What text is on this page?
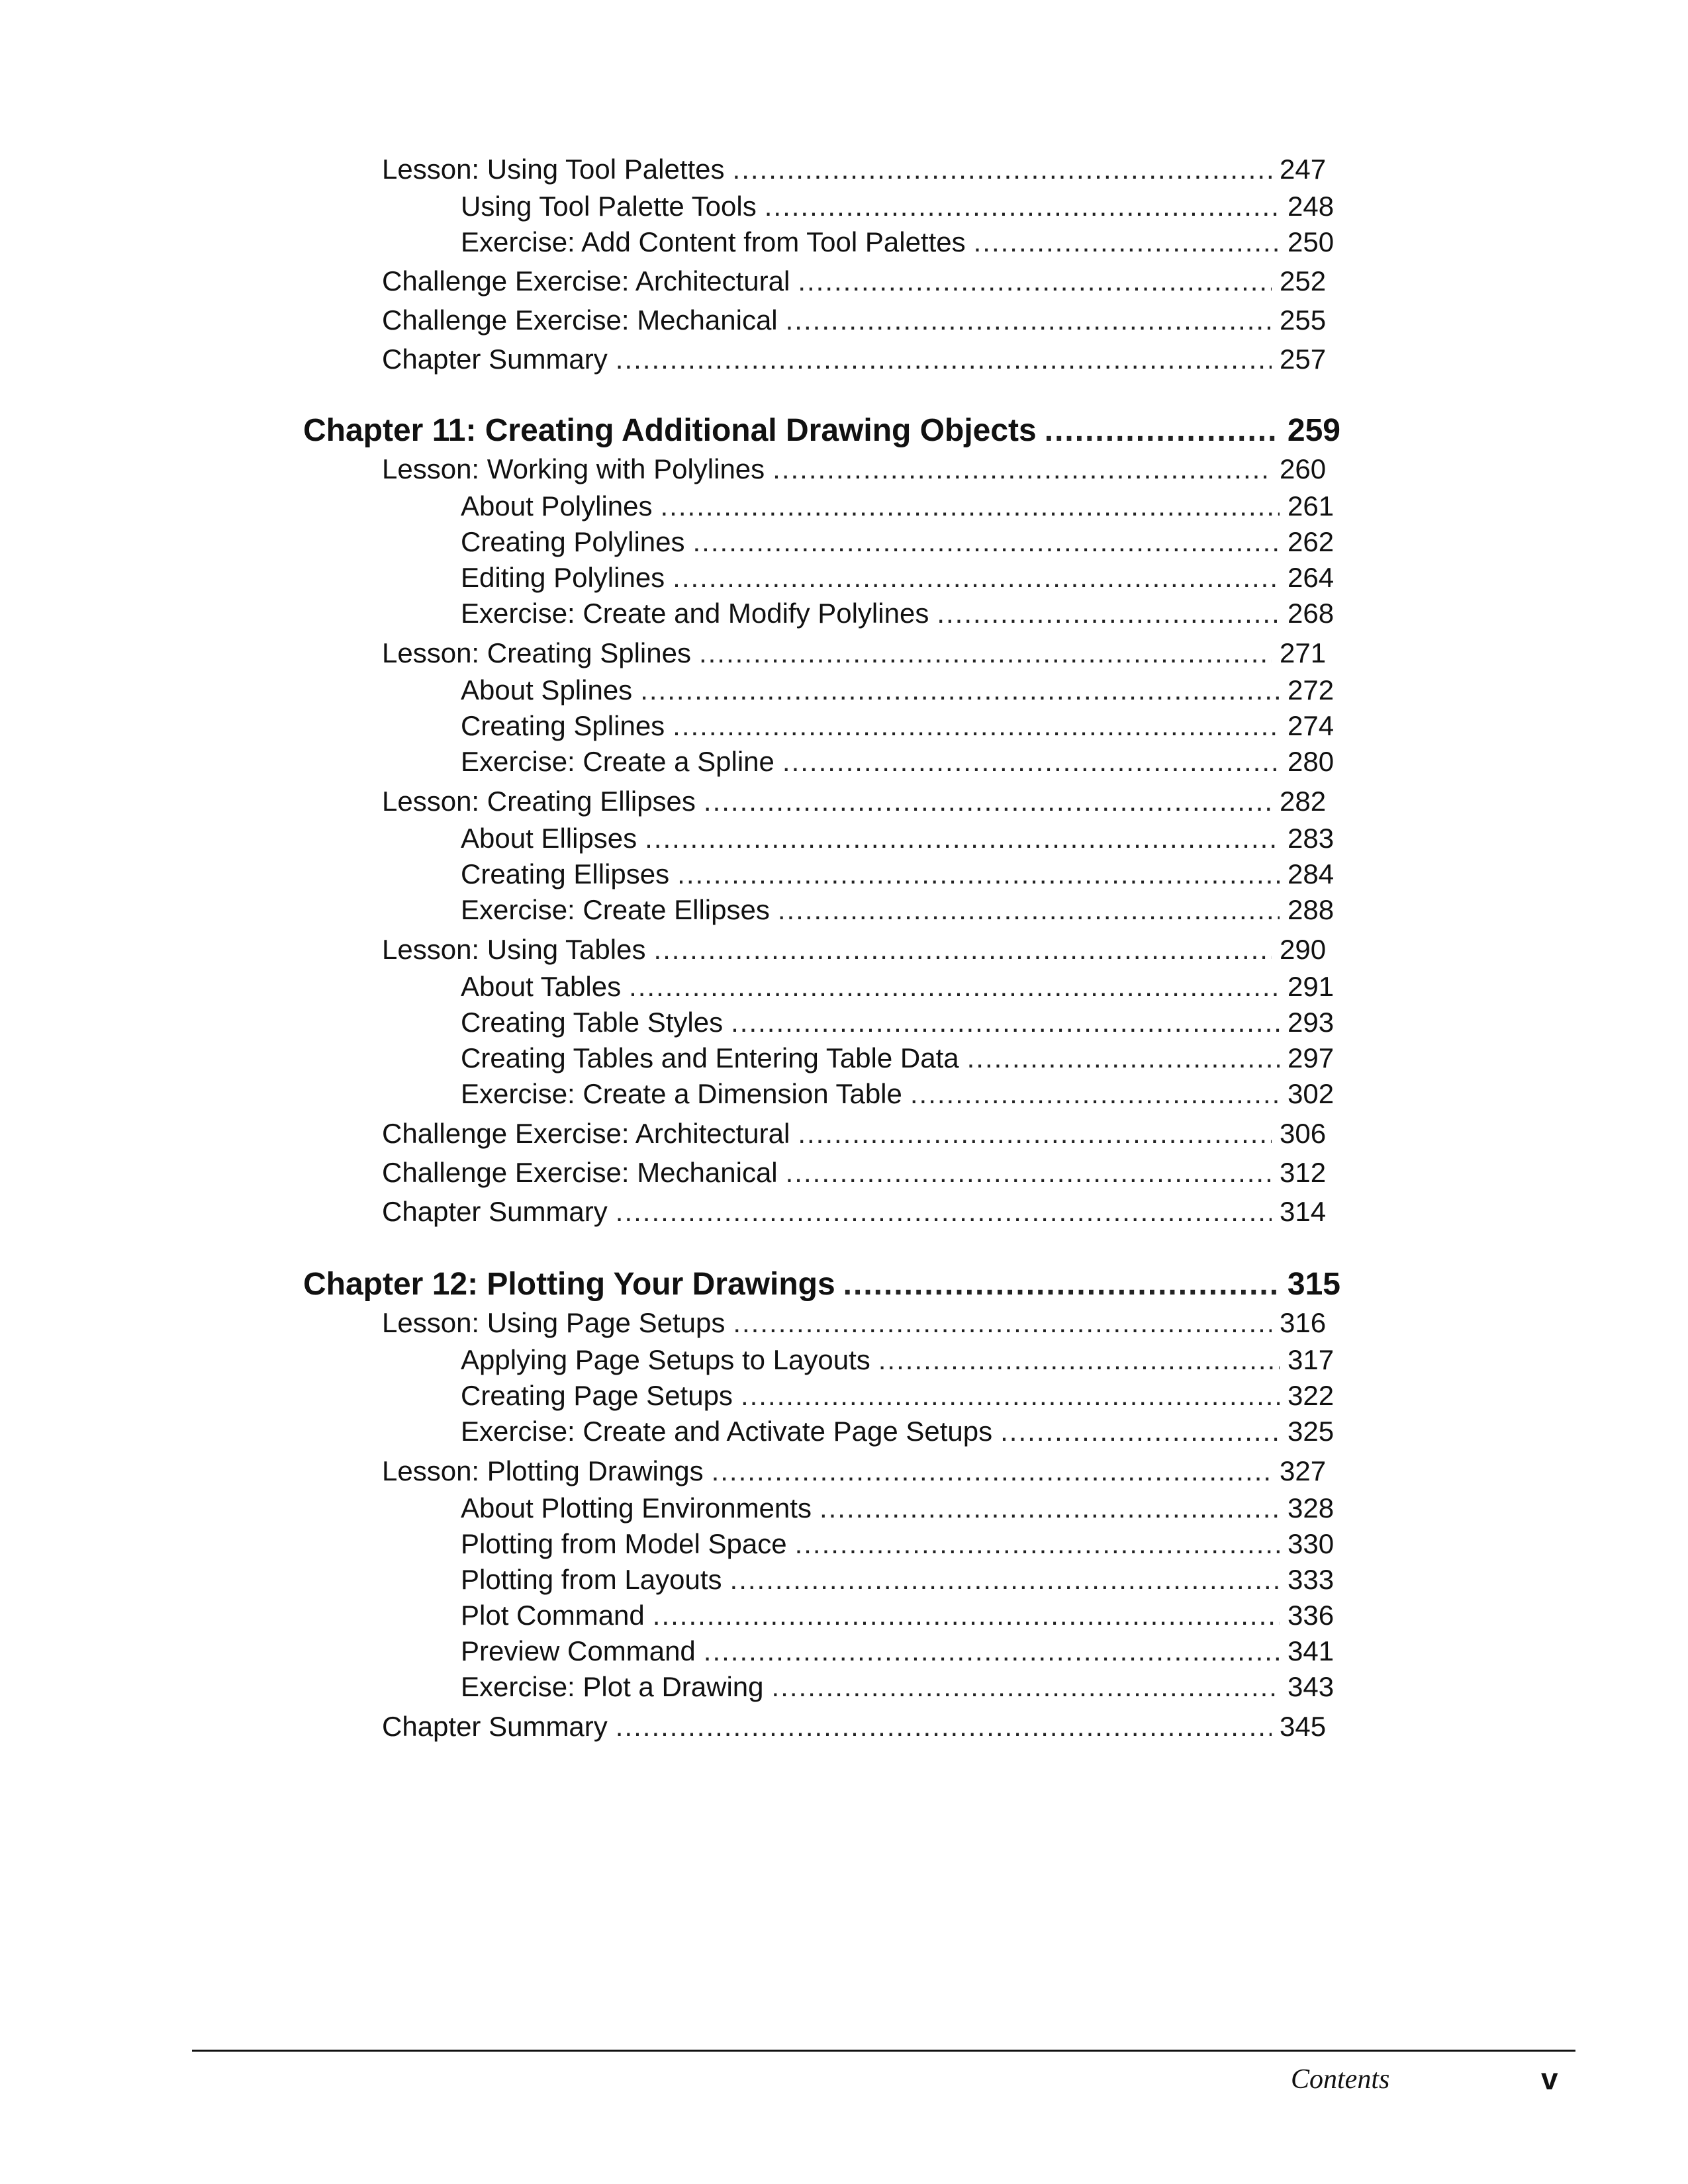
Lesson: Using Tool Palettes .....	247
Using Tool Palette Tools .....	248
Exercise: Add Content from Tool Palettes .....	250
Challenge Exercise: Architectural .....	252
Challenge Exercise: Mechanical .....	255
Chapter Summary .....	257
Chapter 11: Creating Additional Drawing Objects .....	259
Lesson: Working with Polylines .....	260
About Polylines .....	261
Creating Polylines .....	262
Editing Polylines .....	264
Exercise: Create and Modify Polylines .....	268
Lesson: Creating Splines .....	271
About Splines .....	272
Creating Splines .....	274
Exercise: Create a Spline .....	280
Lesson: Creating Ellipses .....	282
About Ellipses .....	283
Creating Ellipses .....	284
Exercise: Create Ellipses .....	288
Lesson: Using Tables .....	290
About Tables .....	291
Creating Table Styles .....	293
Creating Tables and Entering Table Data .....	297
Exercise: Create a Dimension Table .....	302
Challenge Exercise: Architectural .....	306
Challenge Exercise: Mechanical .....	312
Chapter Summary .....	314
Chapter 12: Plotting Your Drawings .....	315
Lesson: Using Page Setups .....	316
Applying Page Setups to Layouts .....	317
Creating Page Setups .....	322
Exercise: Create and Activate Page Setups .....	325
Lesson: Plotting Drawings .....	327
About Plotting Environments .....	328
Plotting from Model Space .....	330
Plotting from Layouts .....	333
Plot Command .....	336
Preview Command .....	341
Exercise: Plot a Drawing .....	343
Chapter Summary .....	345
Contents	v
